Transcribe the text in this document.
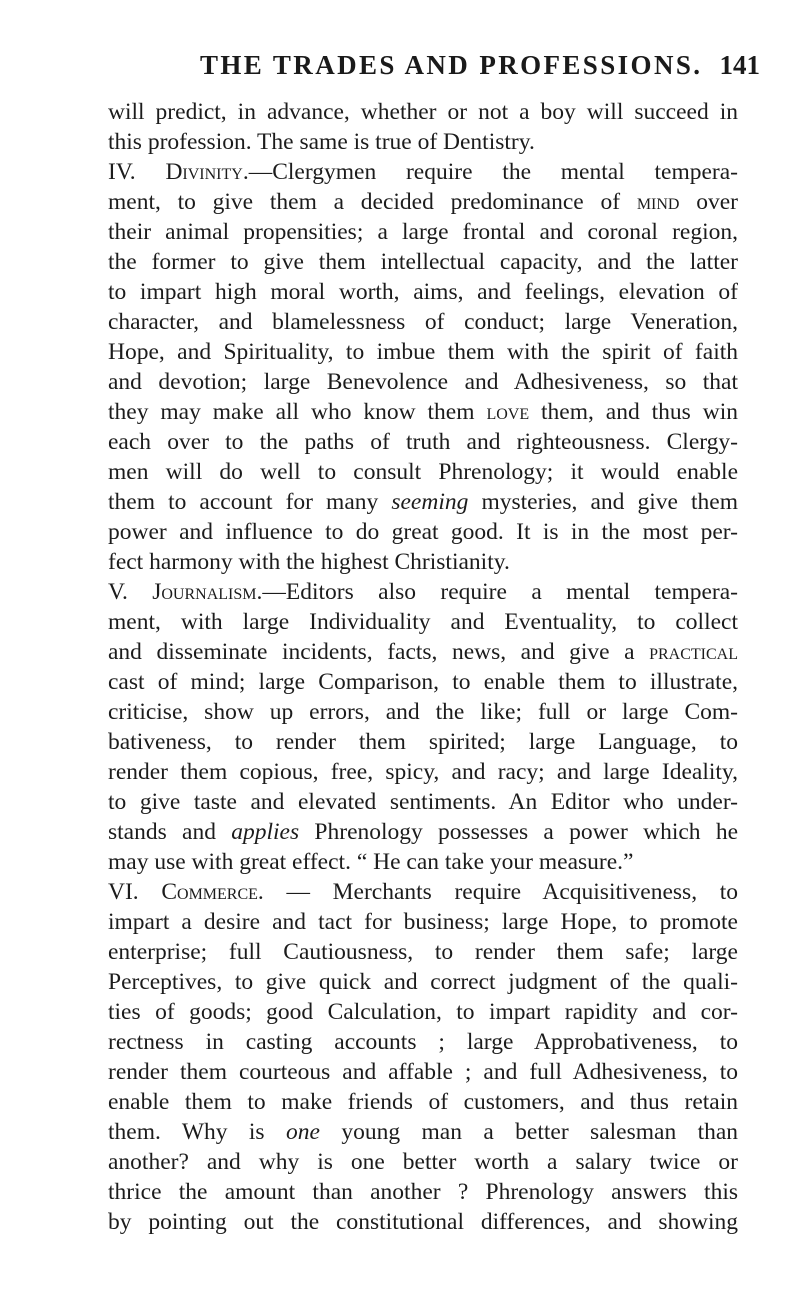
THE TRADES AND PROFESSIONS. 141
will predict, in advance, whether or not a boy will succeed in
this profession. The same is true of Dentistry.
IV. Divinity.—Clergymen require the mental tempera-
ment, to give them a decided predominance of mind over
their animal propensities; a large frontal and coronal region,
the former to give them intellectual capacity, and the latter
to impart high moral worth, aims, and feelings, elevation of
character, and blamelessness of conduct; large Veneration,
Hope, and Spirituality, to imbue them with the spirit of faith
and devotion; large Benevolence and Adhesiveness, so that
they may make all who know them love them, and thus win
each over to the paths of truth and righteousness. Clergy-
men will do well to consult Phrenology; it would enable
them to account for many seeming mysteries, and give them
power and influence to do great good. It is in the most per-
fect harmony with the highest Christianity.
V. Journalism.—Editors also require a mental tempera-
ment, with large Individuality and Eventuality, to collect
and disseminate incidents, facts, news, and give a practical
cast of mind; large Comparison, to enable them to illustrate,
criticise, show up errors, and the like; full or large Com-
bativeness, to render them spirited; large Language, to
render them copious, free, spicy, and racy; and large Ideality,
to give taste and elevated sentiments. An Editor who under-
stands and applies Phrenology possesses a power which he
may use with great effect. “ He can take your measure.”
VI. Commerce. — Merchants require Acquisitiveness, to
impart a desire and tact for business; large Hope, to promote
enterprise; full Cautiousness, to render them safe; large
Perceptives, to give quick and correct judgment of the quali-
ties of goods; good Calculation, to impart rapidity and cor-
rectness in casting accounts ; large Approbativeness, to
render them courteous and affable ; and full Adhesiveness, to
enable them to make friends of customers, and thus retain
them. Why is one young man a better salesman than
another? and why is one better worth a salary twice or
thrice the amount than another ? Phrenology answers this
by pointing out the constitutional differences, and showing
